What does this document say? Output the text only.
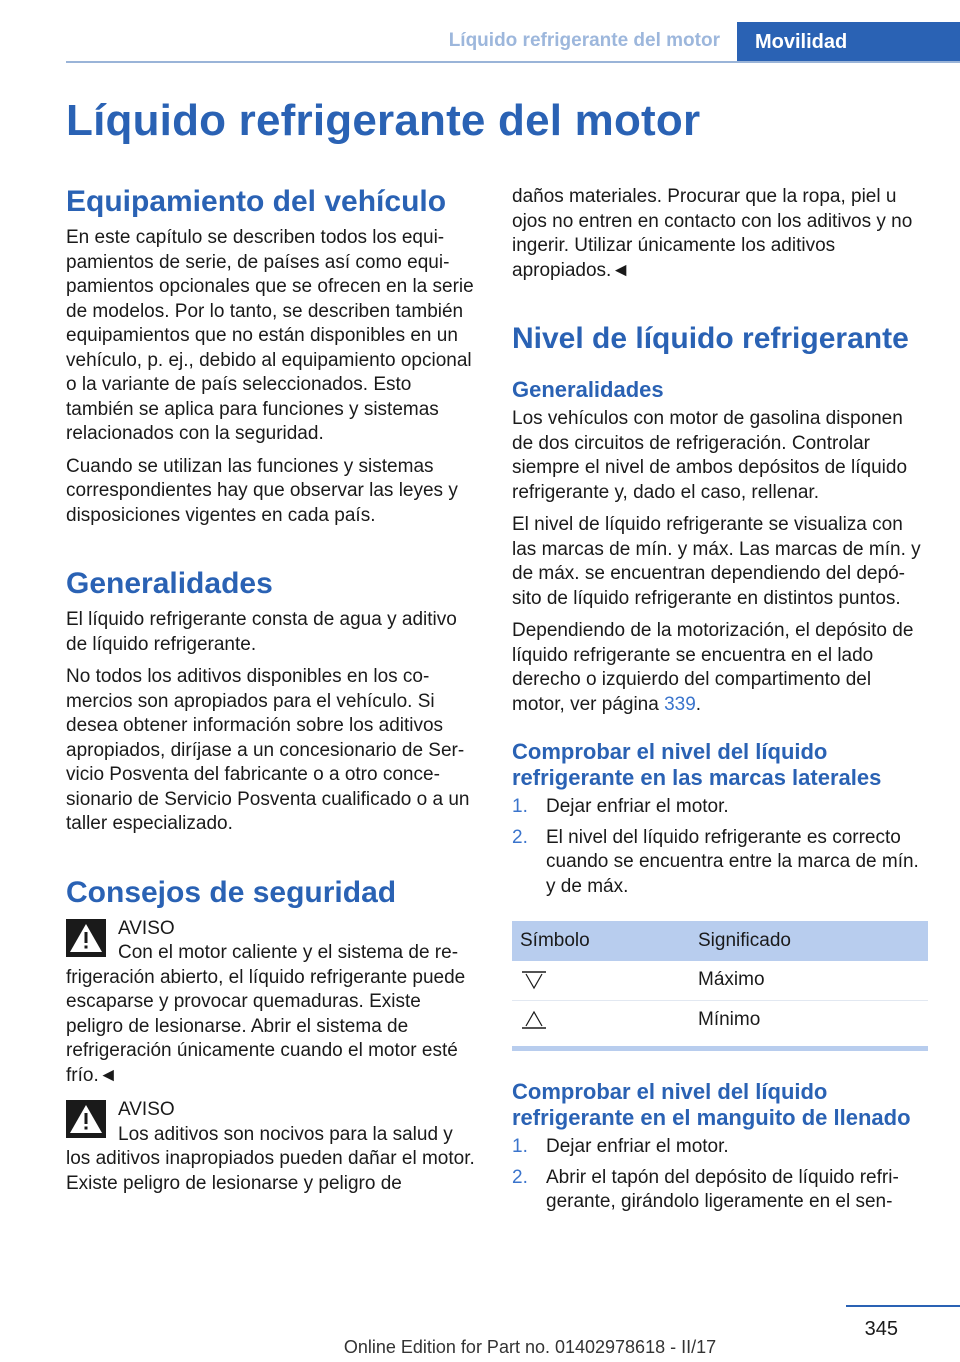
Líquido refrigerante del motor	Movilidad
Líquido refrigerante del motor
Equipamiento del vehículo

En este capítulo se describen todos los equipamientos de serie, de países así como equipamientos opcionales que se ofrecen en la serie de modelos. Por lo tanto, se describen también equipamientos que no están disponibles en un vehículo, p. ej., debido al equipamiento opcional o la variante de país seleccionados. Esto también se aplica para funciones y sistemas relacionados con la seguridad.

Cuando se utilizan las funciones y sistemas correspondientes hay que observar las leyes y disposiciones vigentes en cada país.

Generalidades

El líquido refrigerante consta de agua y aditivo de líquido refrigerante.

No todos los aditivos disponibles en los comercios son apropiados para el vehículo. Si desea obtener información sobre los aditivos apropiados, diríjase a un concesionario de Servicio Posventa del fabricante o a otro concesionario de Servicio Posventa cualificado o a un taller especializado.

Consejos de seguridad
AVISO
Con el motor caliente y el sistema de refrigeración abierto, el líquido refrigerante puede escaparse y provocar quemaduras. Existe peligro de lesionarse. Abrir el sistema de refrigeración únicamente cuando el motor esté frío.◄
AVISO
Los aditivos son nocivos para la salud y los aditivos inapropiados pueden dañar el motor. Existe peligro de lesionarse y peligro de

daños materiales. Procurar que la ropa, piel u ojos no entren en contacto con los aditivos y no ingerir. Utilizar únicamente los aditivos apropiados.◄

Nivel de líquido refrigerante
Generalidades

Los vehículos con motor de gasolina disponen de dos circuitos de refrigeración. Controlar siempre el nivel de ambos depósitos de líquido refrigerante y, dado el caso, rellenar.

El nivel de líquido refrigerante se visualiza con las marcas de mín. y máx. Las marcas de mín. y de máx. se encuentran dependiendo del depósito de líquido refrigerante en distintos puntos.

Dependiendo de la motorización, el depósito de líquido refrigerante se encuentra en el lado derecho o izquierdo del compartimento del motor, ver página 339.

Comprobar el nivel del líquido refrigerante en las marcas laterales
1. Dejar enfriar el motor.
2. El nivel del líquido refrigerante es correcto cuando se encuentra entre la marca de mín. y de máx.
Símbolo	Significado
	Máximo
	Mínimo
Comprobar el nivel del líquido refrigerante en el manguito de llenado
1. Dejar enfriar el motor.
2. Abrir el tapón del depósito de líquido refrigerante, girándolo ligeramente en el sen-
345
Online Edition for Part no. 01402978618 - II/17
